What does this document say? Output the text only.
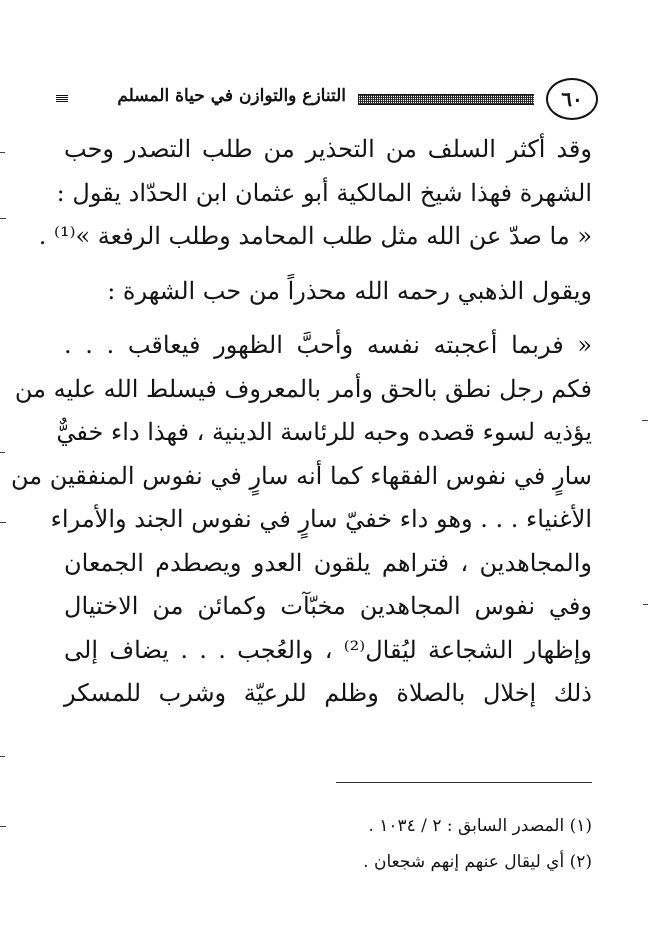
٦٠
التنازع والتوازن في حياة المسلم
وقد أكثر السلف من التحذير من طلب التصدر وحب
الشهرة فهذا شيخ المالكية أبو عثمان ابن الحدّاد يقول :
« ما صدّ عن الله مثل طلب المحامد وطلب الرفعة »⁽¹⁾ .
ويقول الذهبي رحمه الله محذراً من حب الشهرة :
« فربما أعجبته نفسه وأحبَّ الظهور فيعاقب . . .
فكم رجل نطق بالحق وأمر بالمعروف فيسلط الله عليه من
يؤذيه لسوء قصده وحبه للرئاسة الدينية ، فهذا داء خفيٌّ
سارٍ في نفوس الفقهاء كما أنه سارٍ في نفوس المنفقين من
الأغنياء . . . وهو داء خفيّ سارٍ في نفوس الجند والأمراء
والمجاهدين ، فتراهم يلقون العدو ويصطدم الجمعان
وفي نفوس المجاهدين مخبّآت وكمائن من الاختيال
وإظهار الشجاعة ليُقال⁽²⁾ ، والعُجب . . . يضاف إلى
ذلك إخلال بالصلاة وظلم للرعيّة وشرب للمسكر
(١) المصدر السابق : ٢ / ١٠٣٤ .
(٢) أي ليقال عنهم إنهم شجعان .
